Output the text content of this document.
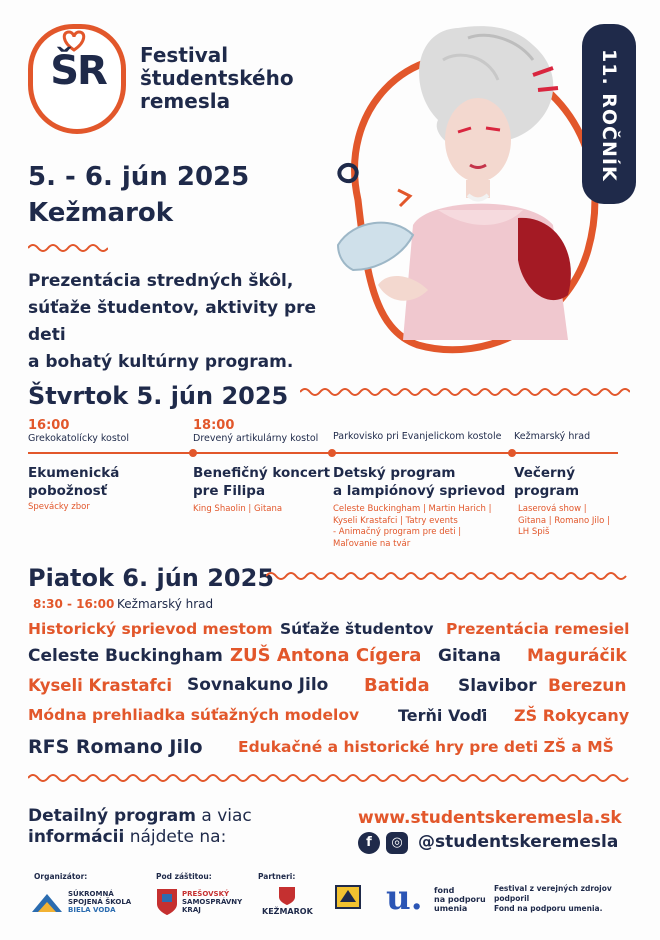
ŠR	Festival
študentského
remesla
5. - 6. jún 2025
Kežmarok
Prezentácia stredných škôl,
súťaže študentov, aktivity pre deti
a bohatý kultúrny program.
11. ROČNÍK
Štvrtok 5. jún 2025
16:00
Grekokatolícky kostol
Ekumenická pobožnosť
Spevácky zbor
18:00
Drevený artikulárny kostol
Benefičný koncert
pre Filipa
King Shaolin | Gitana
Parkovisko pri Evanjelickom kostole
Detský program
a lampiónový sprievod
Celeste Buckingham | Martin Harich |
Kyseli Krastafci | Tatry events
- Animačný program pre deti |
Maľovanie na tvár
Kežmarský hrad
Večerný program
Laserová show |
Gitana | Romano Jilo |
LH Spiš
Piatok 6. jún 2025
8:30 - 16:00 Kežmarský hrad
Historický sprievod mestom Súťaže študentov Prezentácia remesiel
Celeste Buckingham ZUŠ Antona Cígera Gitana Maguráčik
Kyseli Krastafci Sovnakuno Jilo Batida Slavibor Berezun
Módna prehliadka súťažných modelov Terňi Voďi ZŠ Rokycany
RFS Romano Jilo Edukačné a historické hry pre deti ZŠ a MŠ
Detailný program a viac
informácii nájdete na:
www.studentskeremesla.sk
f	◎ @studentskeremesla
Organizátor:
SÚKROMNÁ
SPOJENÁ ŠKOLA
BIELA VODA
Pod záštitou:
PREŠOVSKÝ
SAMOSPRÁVNY
KRAJ
Partneri:
KEŽMAROK u. fond
na podporu
umenia
Festival z verejných zdrojov podporil
Fond na podporu umenia.
